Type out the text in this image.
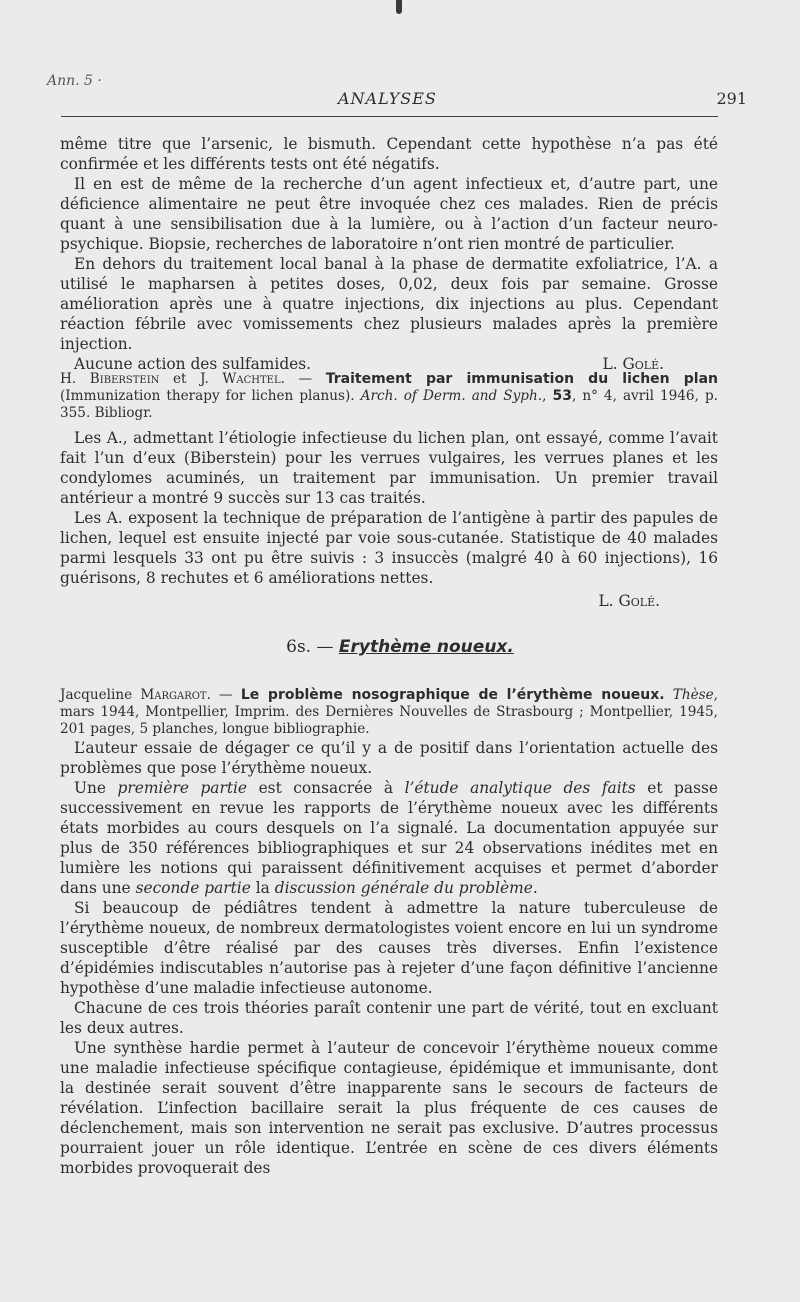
Ann. 5 ·
ANALYSES	291

même titre que l’arsenic, le bismuth. Cependant cette hypothèse n’a pas été confirmée et les différents tests ont été négatifs.

Il en est de même de la recherche d’un agent infectieux et, d’autre part, une déficience alimentaire ne peut être invoquée chez ces malades. Rien de précis quant à une sensibilisation due à la lumière, ou à l’action d’un facteur neuro-psychique. Biopsie, recherches de laboratoire n’ont rien montré de particulier.

En dehors du traitement local banal à la phase de dermatite exfoliatrice, l’A. a utilisé le mapharsen à petites doses, 0,02, deux fois par semaine. Grosse amélioration après une à quatre injections, dix injections au plus. Cependant réaction fébrile avec vomissements chez plusieurs malades après la première injection.

Aucune action des sulfamides.	L. Golé.

H. Biberstein et J. Wachtel. — Traitement par immunisation du lichen plan (Immunization therapy for lichen planus). Arch. of Derm. and Syph., 53, n° 4, avril 1946, p. 355. Bibliogr.

Les A., admettant l’étiologie infectieuse du lichen plan, ont essayé, comme l’avait fait l’un d’eux (Biberstein) pour les verrues vulgaires, les verrues planes et les condylomes acuminés, un traitement par immunisation. Un premier travail antérieur a montré 9 succès sur 13 cas traités.

Les A. exposent la technique de préparation de l’antigène à partir des papules de lichen, lequel est ensuite injecté par voie sous-cutanée. Statistique de 40 malades parmi lesquels 33 ont pu être suivis : 3 insuccès (malgré 40 à 60 injections), 16 guérisons, 8 rechutes et 6 améliorations nettes.

L. Golé.

6s. — Erythème noueux.

Jacqueline Margarot. — Le problème nosographique de l’érythème noueux. Thèse, mars 1944, Montpellier, Imprim. des Dernières Nouvelles de Strasbourg ; Montpellier, 1945, 201 pages, 5 planches, longue bibliographie.

L’auteur essaie de dégager ce qu’il y a de positif dans l’orientation actuelle des problèmes que pose l’érythème noueux.

Une première partie est consacrée à l’étude analytique des faits et passe successivement en revue les rapports de l’érythème noueux avec les différents états morbides au cours desquels on l’a signalé. La documentation appuyée sur plus de 350 références bibliographiques et sur 24 observations inédites met en lumière les notions qui paraissent définitivement acquises et permet d’aborder dans une seconde partie la discussion générale du problème.

Si beaucoup de pédiâtres tendent à admettre la nature tuberculeuse de l’érythème noueux, de nombreux dermatologistes voient encore en lui un syndrome susceptible d’être réalisé par des causes très diverses. Enfin l’existence d’épidémies indiscutables n’autorise pas à rejeter d’une façon définitive l’ancienne hypothèse d’une maladie infectieuse autonome.

Chacune de ces trois théories paraît contenir une part de vérité, tout en excluant les deux autres.

Une synthèse hardie permet à l’auteur de concevoir l’érythème noueux comme une maladie infectieuse spécifique contagieuse, épidémique et immunisante, dont la destinée serait souvent d’être inapparente sans le secours de facteurs de révélation. L’infection bacillaire serait la plus fréquente de ces causes de déclenchement, mais son intervention ne serait pas exclusive. D’autres processus pourraient jouer un rôle identique. L’entrée en scène de ces divers éléments morbides provoquerait des
